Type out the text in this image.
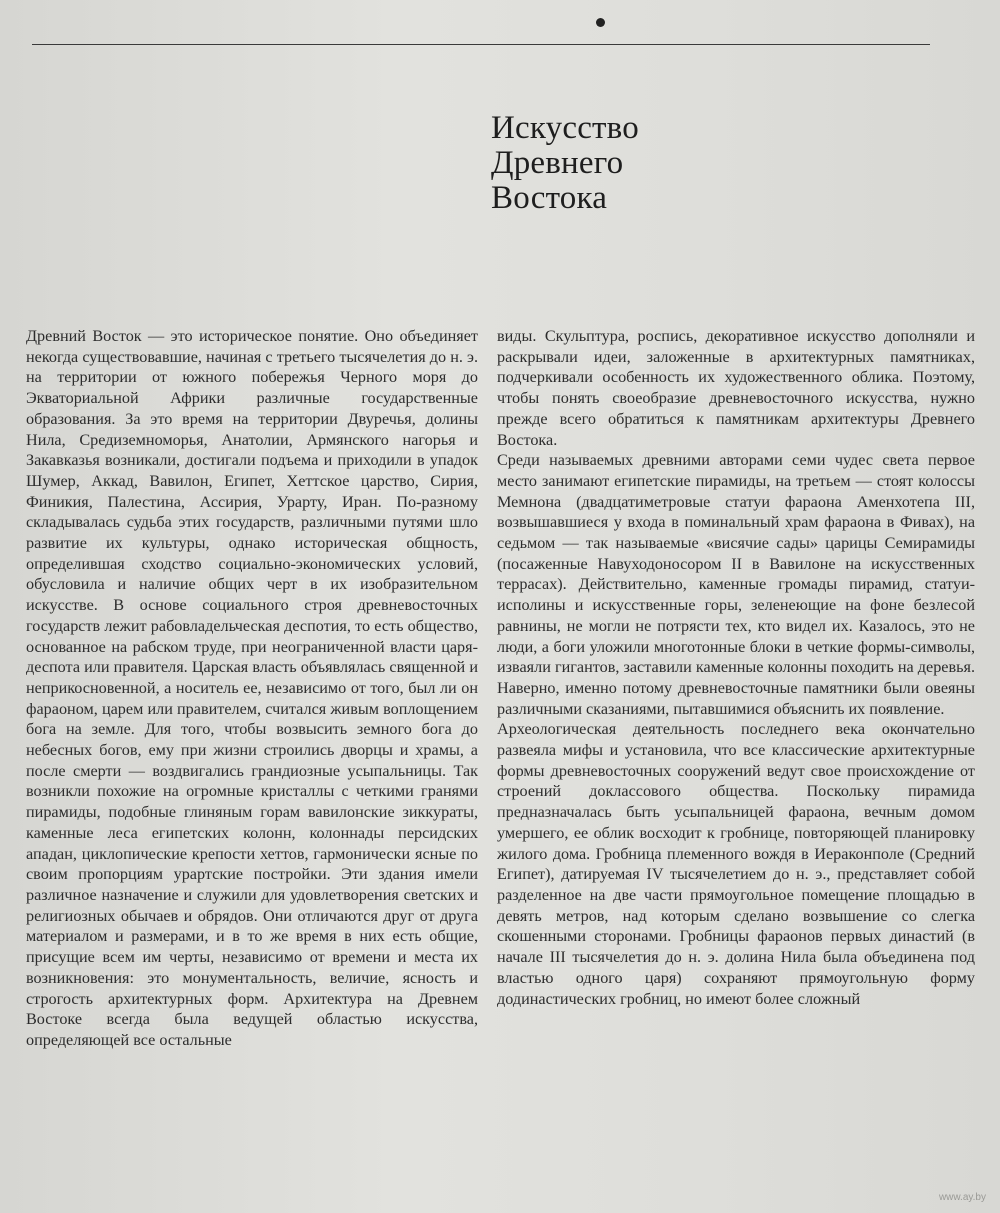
Искусство
Древнего
Востока

Древний Восток — это историческое понятие. Оно объединяет некогда существовавшие, начиная с третьего тысячелетия до н. э. на территории от южного побережья Черного моря до Экваториальной Африки различные государственные образования. За это время на территории Двуречья, долины Нила, Средиземноморья, Анатолии, Армянского нагорья и Закавказья возникали, достигали подъема и приходили в упадок Шумер, Аккад, Вавилон, Египет, Хеттское царство, Сирия, Финикия, Палестина, Ассирия, Урарту, Иран. По-разному складывалась судьба этих государств, различными путями шло развитие их культуры, однако историческая общность, определившая сходство социально-экономических условий, обусловила и наличие общих черт в их изобразительном искусстве. В основе социального строя древневосточных государств лежит рабовладельческая деспотия, то есть общество, основанное на рабском труде, при неограниченной власти царя-деспота или правителя. Царская власть объявлялась священной и неприкосновенной, а носитель ее, независимо от того, был ли он фараоном, царем или правителем, считался живым воплощением бога на земле. Для того, чтобы возвысить земного бога до небесных богов, ему при жизни строились дворцы и храмы, а после смерти — воздвигались грандиозные усыпальницы. Так возникли похожие на огромные кристаллы с четкими гранями пирамиды, подобные глиняным горам вавилонские зиккураты, каменные леса египетских колонн, колоннады персидских ападан, циклопические крепости хеттов, гармонически ясные по своим пропорциям урартские постройки. Эти здания имели различное назначение и служили для удовлетворения светских и религиозных обычаев и обрядов. Они отличаются друг от друга материалом и размерами, и в то же время в них есть общие, присущие всем им черты, независимо от времени и места их возникновения: это монументальность, величие, ясность и строгость архитектурных форм. Архитектура на Древнем Востоке всегда была ведущей областью искусства, определяющей все остальные

виды. Скульптура, роспись, декоративное искусство дополняли и раскрывали идеи, заложенные в архитектурных памятниках, подчеркивали особенность их художественного облика. Поэтому, чтобы понять своеобразие древневосточного искусства, нужно прежде всего обратиться к памятникам архитектуры Древнего Востока.

Среди называемых древними авторами семи чудес света первое место занимают египетские пирамиды, на третьем — стоят колоссы Мемнона (двадцатиметровые статуи фараона Аменхотепа III, возвышавшиеся у входа в поминальный храм фараона в Фивах), на седьмом — так называемые «висячие сады» царицы Семирамиды (посаженные Навуходоносором II в Вавилоне на искусственных террасах). Действительно, каменные громады пирамид, статуи-исполины и искусственные горы, зеленеющие на фоне безлесой равнины, не могли не потрясти тех, кто видел их. Казалось, это не люди, а боги уложили многотонные блоки в четкие формы-символы, изваяли гигантов, заставили каменные колонны походить на деревья. Наверно, именно потому древневосточные памятники были овеяны различными сказаниями, пытавшимися объяснить их появление.

Археологическая деятельность последнего века окончательно развеяла мифы и установила, что все классические архитектурные формы древневосточных сооружений ведут свое происхождение от строений доклассового общества. Поскольку пирамида предназначалась быть усыпальницей фараона, вечным домом умершего, ее облик восходит к гробнице, повторяющей планировку жилого дома. Гробница племенного вождя в Иераконполе (Средний Египет), датируемая IV тысячелетием до н. э., представляет собой разделенное на две части прямоугольное помещение площадью в девять метров, над которым сделано возвышение со слегка скошенными сторонами. Гробницы фараонов первых династий (в начале III тысячелетия до н. э. долина Нила была объединена под властью одного царя) сохраняют прямоугольную форму додинастических гробниц, но имеют более сложный

www.ay.by
